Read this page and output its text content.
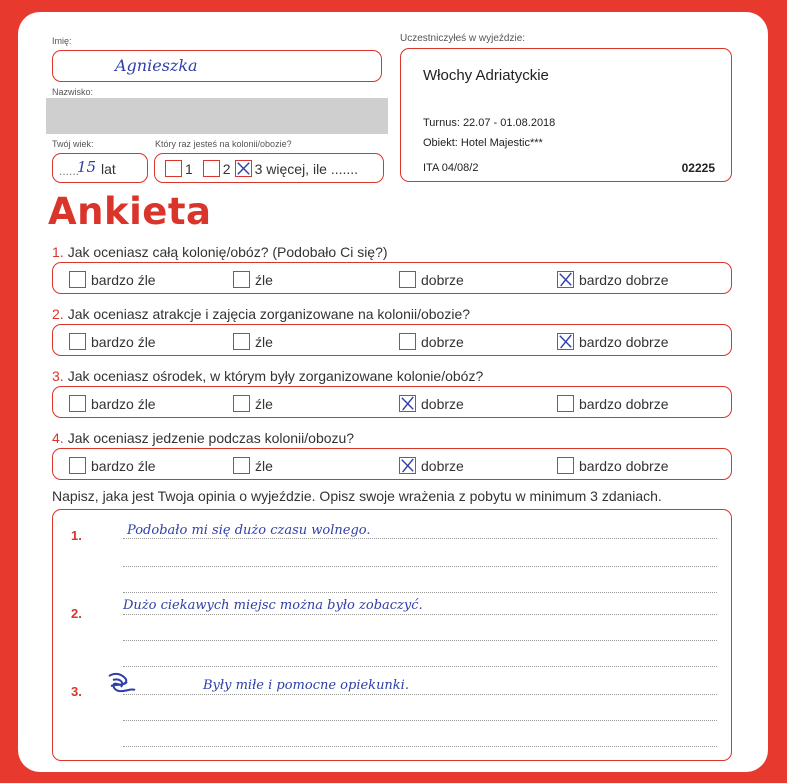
Imię:
Agnieszka
Nazwisko:
Twój wiek:
......
15 lat
Który raz jesteś na kolonii/obozie?
1 2 3 więcej, ile .......
Uczestniczyłeś w wyjeździe:
Włochy Adriatyckie
Turnus: 22.07 - 01.08.2018
Obiekt: Hotel Majestic***
ITA 04/08/2	02225
Ankieta
1. Jak oceniasz całą kolonię/obóz? (Podobało Ci się?)
bardzo źle	źle	dobrze	bardzo dobrze
2. Jak oceniasz atrakcje i zajęcia zorganizowane na kolonii/obozie?
bardzo źle	źle	dobrze	bardzo dobrze
3. Jak oceniasz ośrodek, w którym były zorganizowane kolonie/obóz?
bardzo źle	źle	dobrze	bardzo dobrze
4. Jak oceniasz jedzenie podczas kolonii/obozu?
bardzo źle	źle	dobrze	bardzo dobrze
Napisz, jaka jest Twoja opinia o wyjeździe. Opisz swoje wrażenia z pobytu w minimum 3 zdaniach.
1.	Podobało mi się dużo czasu wolnego.
2.
Dużo ciekawych miejsc można było zobaczyć.
3.	Były miłe i pomocne opiekunki.
